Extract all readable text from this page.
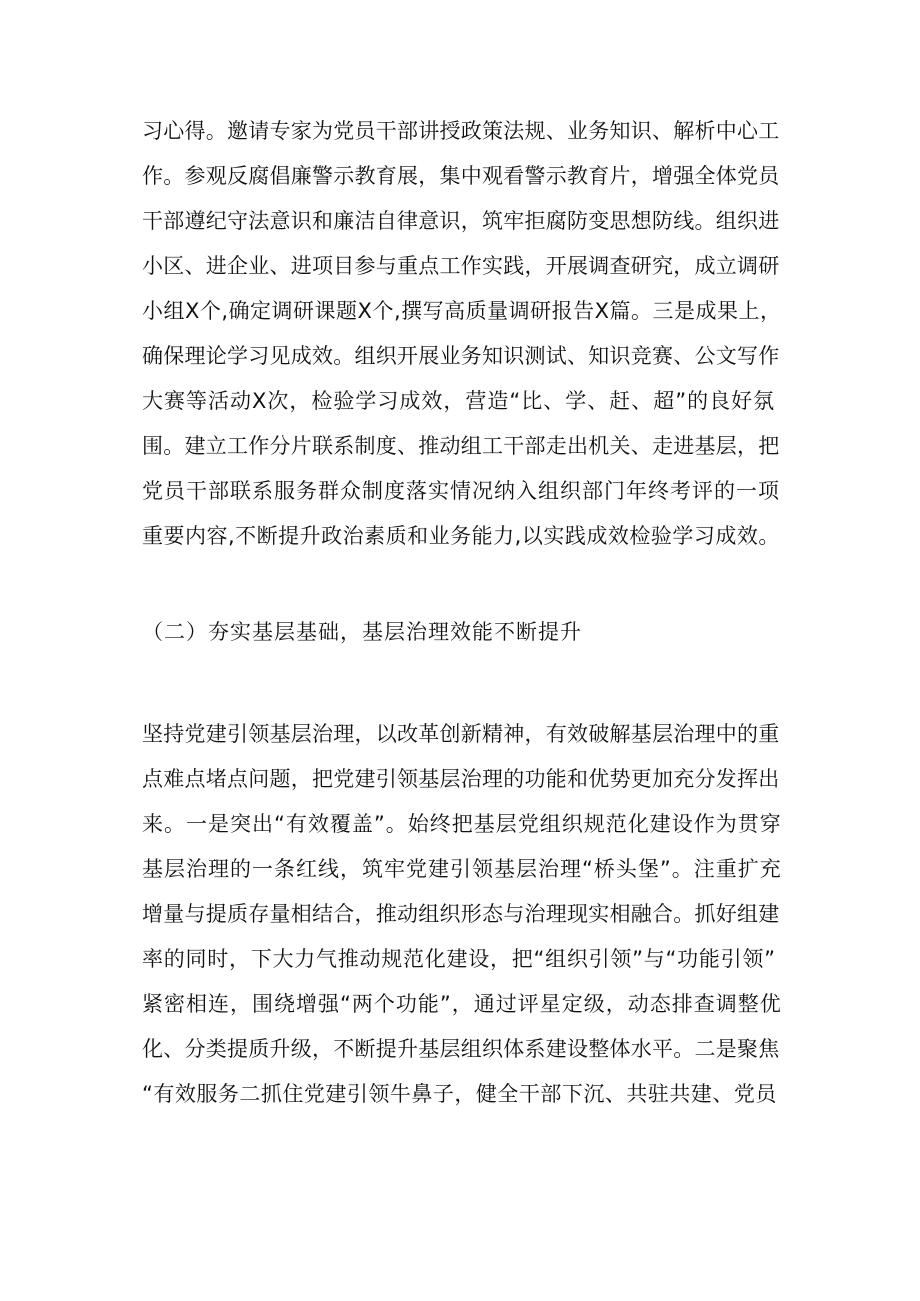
习心得。邀请专家为党员干部讲授政策法规、业务知识、解析中心工
作。参观反腐倡廉警示教育展，集中观看警示教育片，增强全体党员
干部遵纪守法意识和廉洁自律意识，筑牢拒腐防变思想防线。组织进
小区、进企业、进项目参与重点工作实践，开展调查研究，成立调研
小组X个,确定调研课题X个,撰写高质量调研报告X篇。三是成果上，
确保理论学习见成效。组织开展业务知识测试、知识竞赛、公文写作
大赛等活动X次，检验学习成效，营造“比、学、赶、超”的良好氛
围。建立工作分片联系制度、推动组工干部走出机关、走进基层，把
党员干部联系服务群众制度落实情况纳入组织部门年终考评的一项
重要内容,不断提升政治素质和业务能力,以实践成效检验学习成效。
（二）夯实基层基础，基层治理效能不断提升
坚持党建引领基层治理，以改革创新精神，有效破解基层治理中的重
点难点堵点问题，把党建引领基层治理的功能和优势更加充分发挥出
来。一是突出“有效覆盖”。始终把基层党组织规范化建设作为贯穿
基层治理的一条红线，筑牢党建引领基层治理“桥头堡”。注重扩充
增量与提质存量相结合，推动组织形态与治理现实相融合。抓好组建
率的同时，下大力气推动规范化建设，把“组织引领”与“功能引领”
紧密相连，围绕增强“两个功能”，通过评星定级，动态排查调整优
化、分类提质升级，不断提升基层组织体系建设整体水平。二是聚焦
“有效服务二抓住党建引领牛鼻子，健全干部下沉、共驻共建、党员
